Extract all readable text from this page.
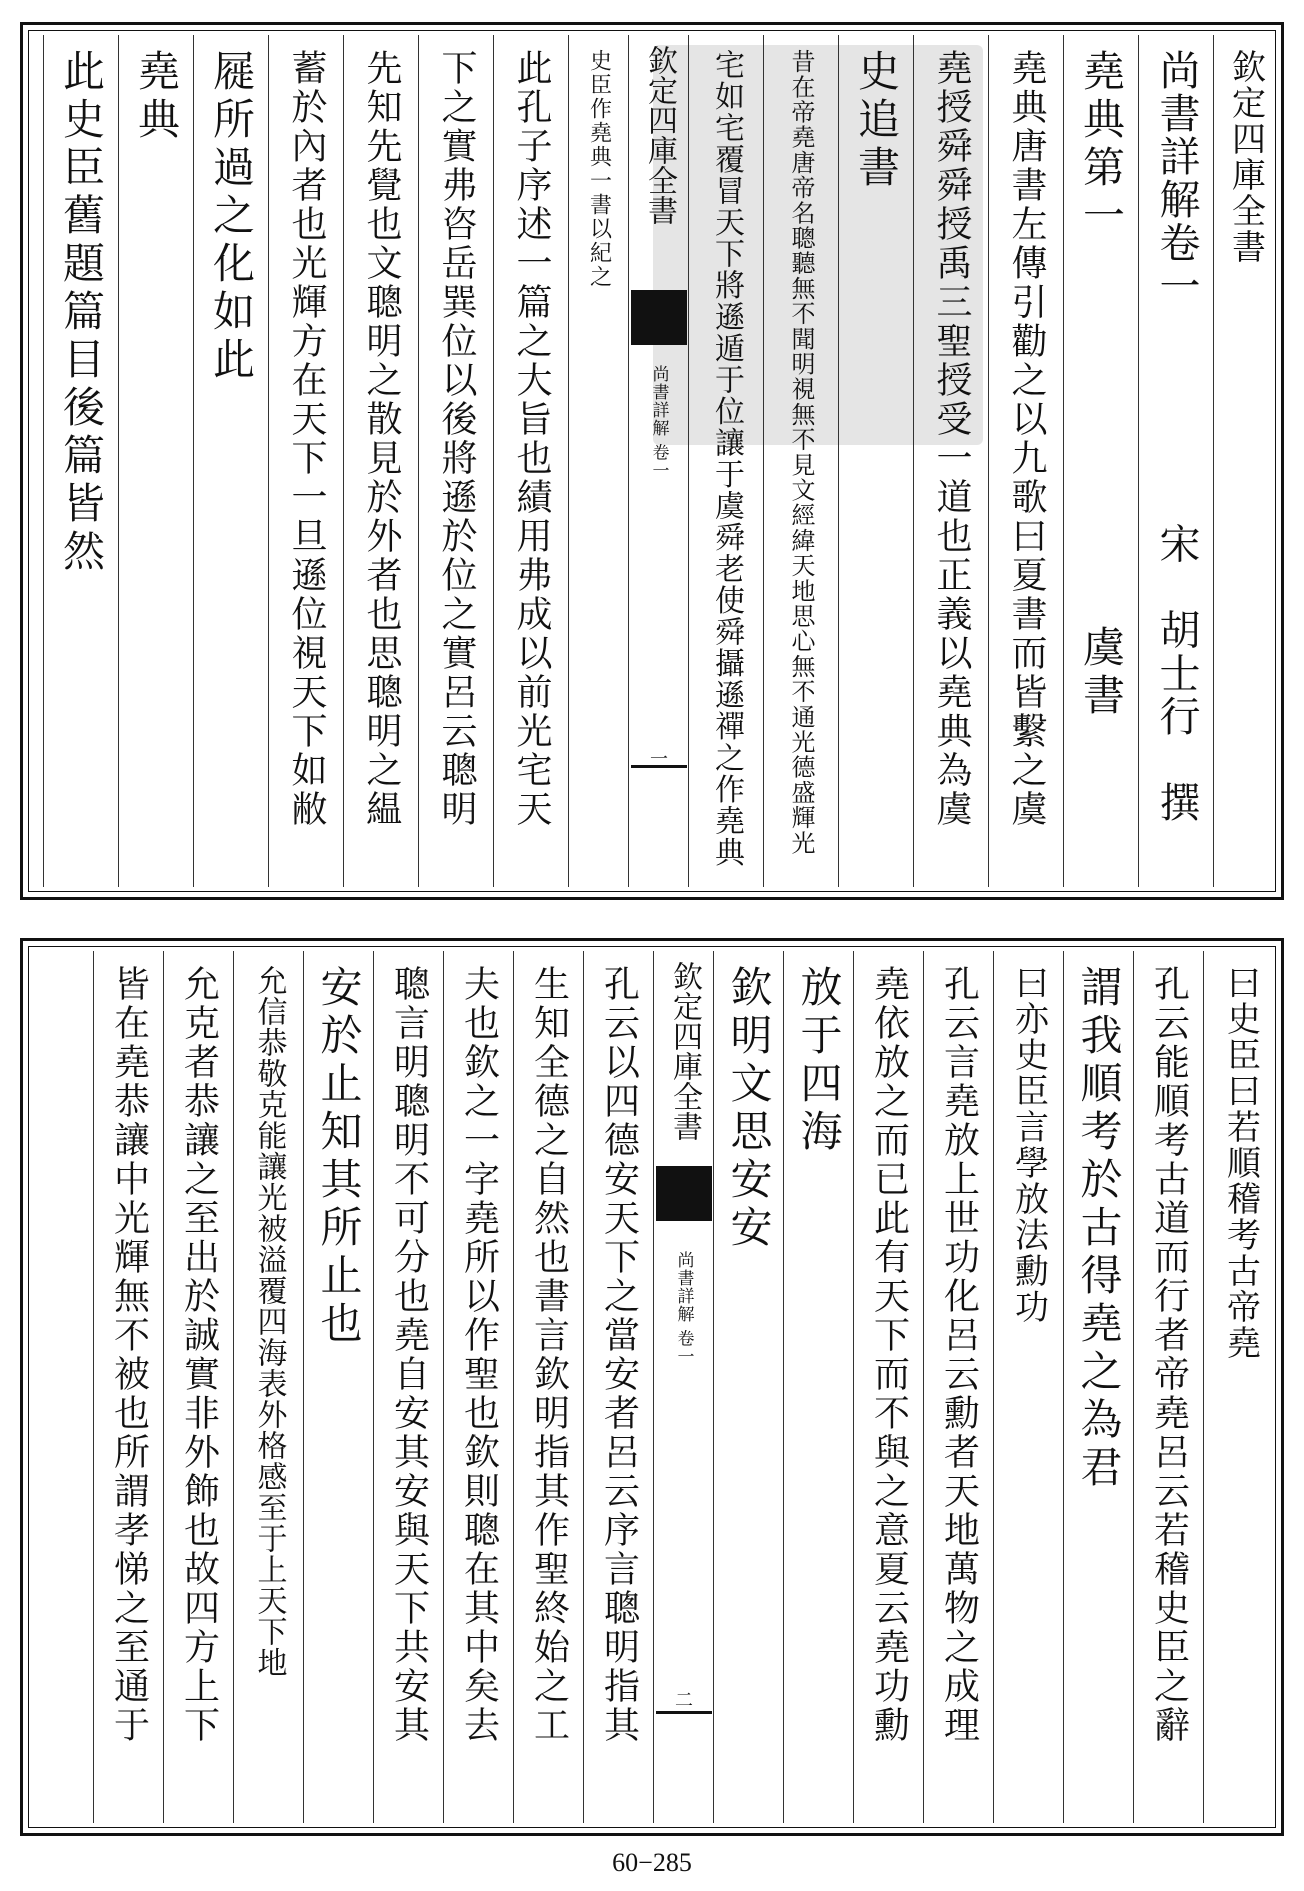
欽定四庫全書
尚書詳解卷一　　　　　宋　胡士行　撰
堯典第一　　　　　　　　虞書
堯典唐書左傳引勸之以九歌曰夏書而皆繫之虞
堯授舜舜授禹三聖授受一道也正義以堯典為虞
史追書
昔在帝堯唐帝名聰聽無不聞明視無不見文經緯天地思心無不通光德盛輝光
宅如宅覆冒天下將遜遁于位讓于虞舜老使舜攝遜禪之作堯典
欽定四庫全書
尚書詳解 卷一
一
史臣作堯典一書以紀之
此孔子序述一篇之大旨也績用弗成以前光宅天
下之實弗咨岳巽位以後將遜於位之實呂云聰明
先知先覺也文聰明之散見於外者也思聰明之緼
蓄於內者也光輝方在天下一旦遜位視天下如敝
屣所過之化如此
堯典
此史臣舊題篇目後篇皆然
曰史臣曰若順稽考古帝堯
孔云能順考古道而行者帝堯呂云若稽史臣之辭
謂我順考於古得堯之為君
曰亦史臣言學放法勳功
孔云言堯放上世功化呂云勳者天地萬物之成理
堯依放之而已此有天下而不與之意夏云堯功勳
放于四海
欽明文思安安
欽定四庫全書
尚書詳解 卷一
二
孔云以四德安天下之當安者呂云序言聰明指其
生知全德之自然也書言欽明指其作聖終始之工
夫也欽之一字堯所以作聖也欽則聰在其中矣去
聰言明聰明不可分也堯自安其安與天下共安其
安於止知其所止也
允信恭敬克能讓光被溢覆四海表外格感至于上天下地
允克者恭讓之至出於誠實非外飾也故四方上下
皆在堯恭讓中光輝無不被也所謂孝悌之至通于
60−285
